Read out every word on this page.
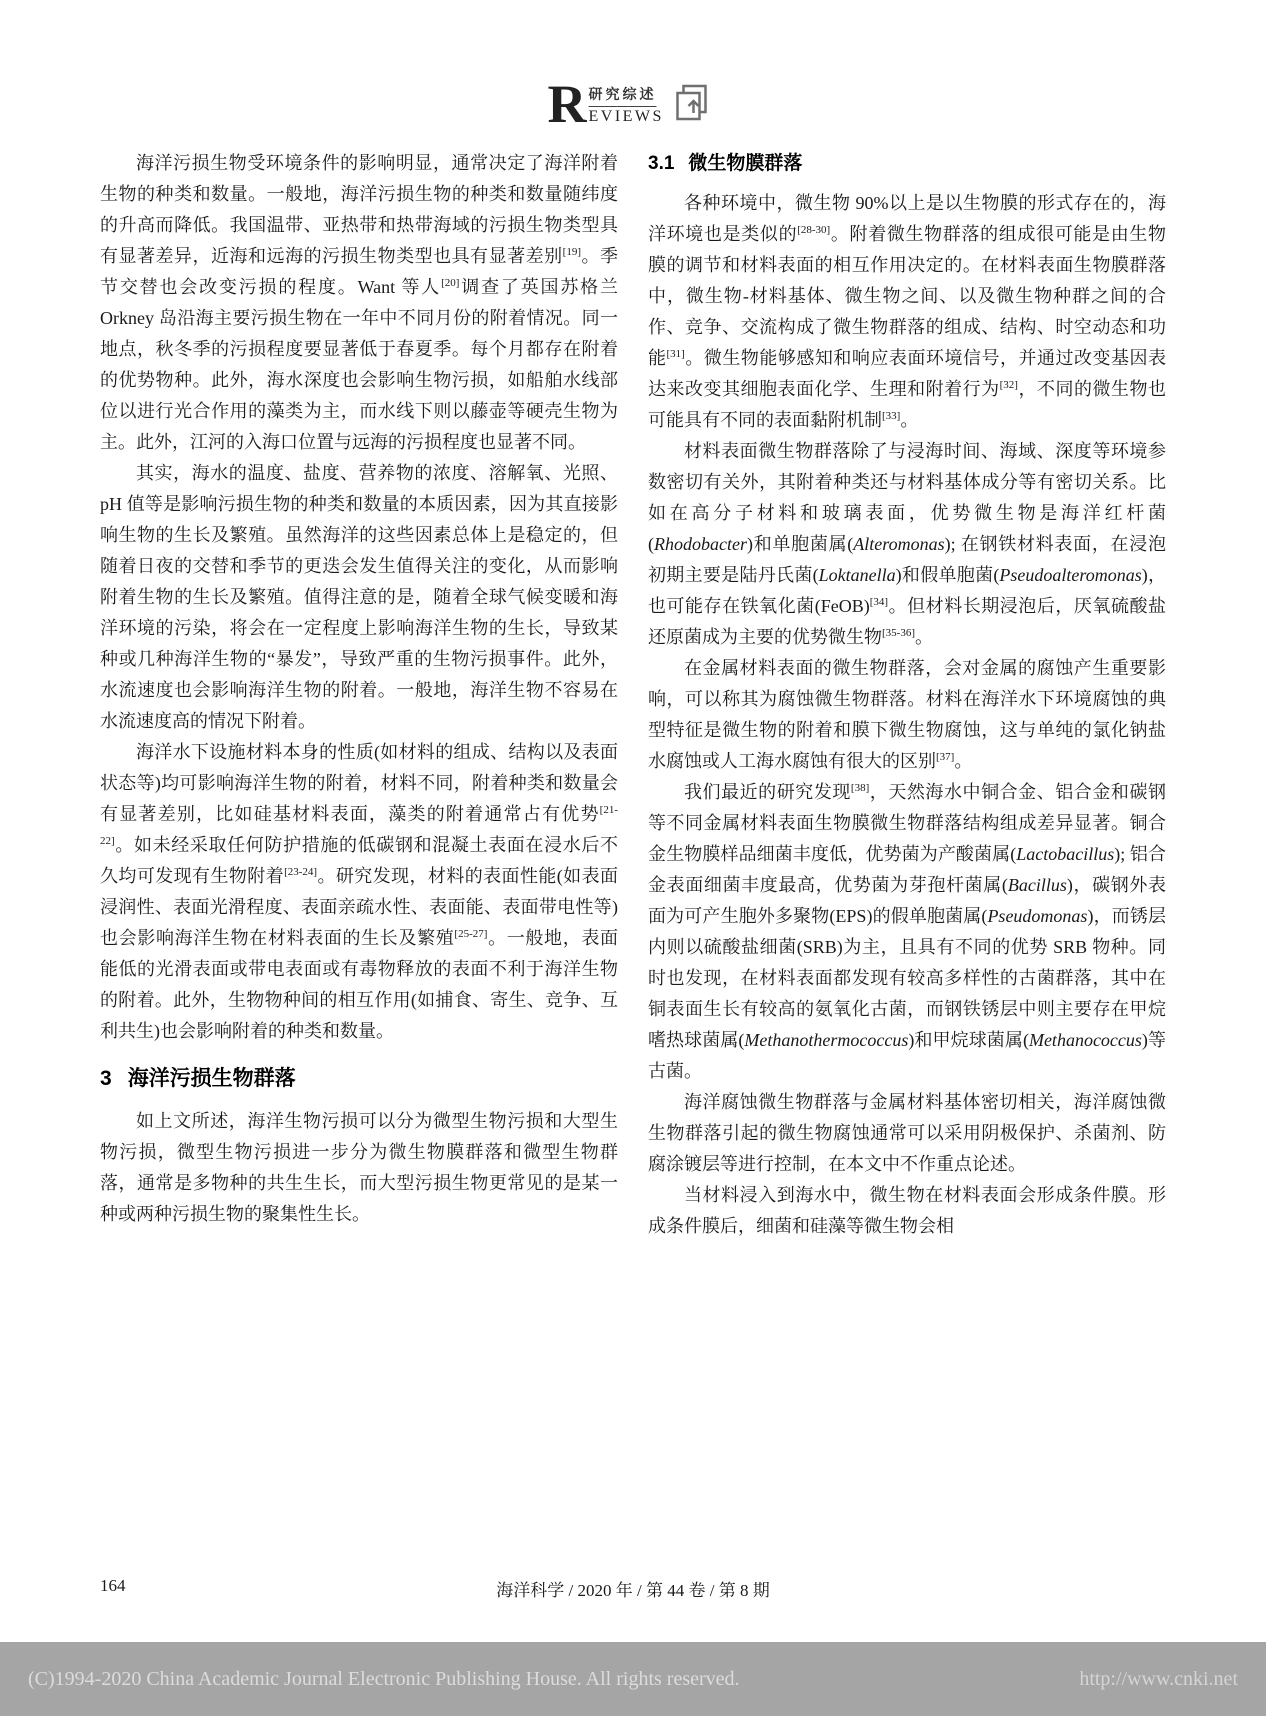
R 研究综述
EVIEWS

海洋污损生物受环境条件的影响明显，通常决定了海洋附着生物的种类和数量。一般地，海洋污损生物的种类和数量随纬度的升高而降低。我国温带、亚热带和热带海域的污损生物类型具有显著差异，近海和远海的污损生物类型也具有显著差别[19]。季节交替也会改变污损的程度。Want 等人[20]调查了英国苏格兰 Orkney 岛沿海主要污损生物在一年中不同月份的附着情况。同一地点，秋冬季的污损程度要显著低于春夏季。每个月都存在附着的优势物种。此外，海水深度也会影响生物污损，如船舶水线部位以进行光合作用的藻类为主，而水线下则以藤壶等硬壳生物为主。此外，江河的入海口位置与远海的污损程度也显著不同。

其实，海水的温度、盐度、营养物的浓度、溶解氧、光照、pH 值等是影响污损生物的种类和数量的本质因素，因为其直接影响生物的生长及繁殖。虽然海洋的这些因素总体上是稳定的，但随着日夜的交替和季节的更迭会发生值得关注的变化，从而影响附着生物的生长及繁殖。值得注意的是，随着全球气候变暖和海洋环境的污染，将会在一定程度上影响海洋生物的生长，导致某种或几种海洋生物的“暴发”，导致严重的生物污损事件。此外，水流速度也会影响海洋生物的附着。一般地，海洋生物不容易在水流速度高的情况下附着。

海洋水下设施材料本身的性质(如材料的组成、结构以及表面状态等)均可影响海洋生物的附着，材料不同，附着种类和数量会有显著差别，比如硅基材料表面，藻类的附着通常占有优势[21-22]。如未经采取任何防护措施的低碳钢和混凝土表面在浸水后不久均可发现有生物附着[23-24]。研究发现，材料的表面性能(如表面浸润性、表面光滑程度、表面亲疏水性、表面能、表面带电性等)也会影响海洋生物在材料表面的生长及繁殖[25-27]。一般地，表面能低的光滑表面或带电表面或有毒物释放的表面不利于海洋生物的附着。此外，生物物种间的相互作用(如捕食、寄生、竞争、互利共生)也会影响附着的种类和数量。

3 海洋污损生物群落

如上文所述，海洋生物污损可以分为微型生物污损和大型生物污损，微型生物污损进一步分为微生物膜群落和微型生物群落，通常是多物种的共生生长，而大型污损生物更常见的是某一种或两种污损生物的聚集性生长。

3.1 微生物膜群落

各种环境中，微生物 90%以上是以生物膜的形式存在的，海洋环境也是类似的[28-30]。附着微生物群落的组成很可能是由生物膜的调节和材料表面的相互作用决定的。在材料表面生物膜群落中，微生物-材料基体、微生物之间、以及微生物种群之间的合作、竞争、交流构成了微生物群落的组成、结构、时空动态和功能[31]。微生物能够感知和响应表面环境信号，并通过改变基因表达来改变其细胞表面化学、生理和附着行为[32]，不同的微生物也可能具有不同的表面黏附机制[33]。

材料表面微生物群落除了与浸海时间、海域、深度等环境参数密切有关外，其附着种类还与材料基体成分等有密切关系。比如在高分子材料和玻璃表面，优势微生物是海洋红杆菌(Rhodobacter)和单胞菌属(Alteromonas); 在钢铁材料表面，在浸泡初期主要是陆丹氏菌(Loktanella)和假单胞菌(Pseudoalteromonas)，也可能存在铁氧化菌(FeOB)[34]。但材料长期浸泡后，厌氧硫酸盐还原菌成为主要的优势微生物[35-36]。

在金属材料表面的微生物群落，会对金属的腐蚀产生重要影响，可以称其为腐蚀微生物群落。材料在海洋水下环境腐蚀的典型特征是微生物的附着和膜下微生物腐蚀，这与单纯的氯化钠盐水腐蚀或人工海水腐蚀有很大的区别[37]。

我们最近的研究发现[38]，天然海水中铜合金、铝合金和碳钢等不同金属材料表面生物膜微生物群落结构组成差异显著。铜合金生物膜样品细菌丰度低，优势菌为产酸菌属(Lactobacillus); 铝合金表面细菌丰度最高，优势菌为芽孢杆菌属(Bacillus)，碳钢外表面为可产生胞外多聚物(EPS)的假单胞菌属(Pseudomonas)，而锈层内则以硫酸盐细菌(SRB)为主，且具有不同的优势 SRB 物种。同时也发现，在材料表面都发现有较高多样性的古菌群落，其中在铜表面生长有较高的氨氧化古菌，而钢铁锈层中则主要存在甲烷嗜热球菌属(Methanothermococcus)和甲烷球菌属(Methanococcus)等古菌。

海洋腐蚀微生物群落与金属材料基体密切相关，海洋腐蚀微生物群落引起的微生物腐蚀通常可以采用阴极保护、杀菌剂、防腐涂镀层等进行控制，在本文中不作重点论述。

当材料浸入到海水中，微生物在材料表面会形成条件膜。形成条件膜后，细菌和硅藻等微生物会相

164	海洋科学 / 2020 年 / 第 44 卷 / 第 8 期
(C)1994-2020 China Academic Journal Electronic Publishing House. All rights reserved.	http://www.cnki.net
